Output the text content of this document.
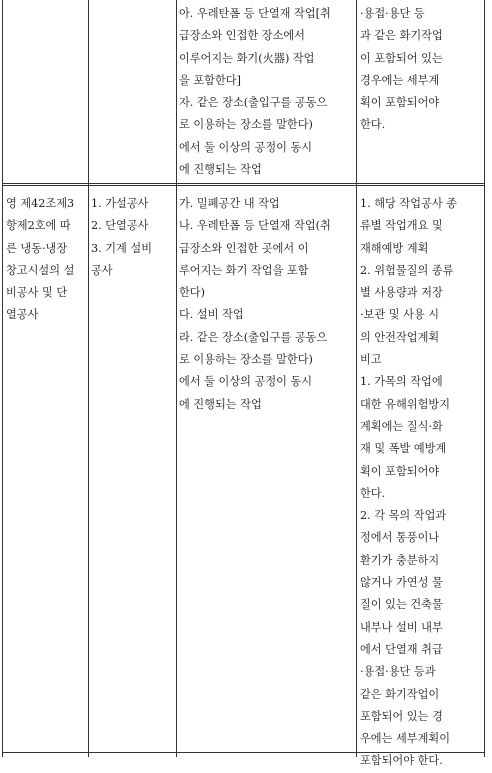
아. 우레탄폼 등 단열재 작업[취
급장소와 인접한 장소에서
이루어지는 화기(火器) 작업
을 포함한다]
자. 같은 장소(출입구를 공동으
로 이용하는 장소를 말한다)
에서 둘 이상의 공정이 동시
에 진행되는 작업
·용접·용단 등
과 같은 화기작업
이 포함되어 있는
경우에는 세부계
획이 포함되어야
한다.
영 제42조제3
항제2호에 따
른 냉동·냉장
창고시설의 설
비공사 및 단
열공사
1. 가설공사
2. 단열공사
3. 기계 설비
공사
가. 밀폐공간 내 작업
나. 우레탄폼 등 단열재 작업(취
급장소와 인접한 곳에서 이
루어지는 화기 작업을 포함
한다)
다. 설비 작업
라. 같은 장소(출입구를 공동으
로 이용하는 장소를 말한다)
에서 둘 이상의 공정이 동시
에 진행되는 작업
1. 해당 작업공사 종
류별 작업개요 및
재해예방 계획
2. 위험물질의 종류
별 사용량과 저장
·보관 및 사용 시
의 안전작업계획
비고
1. 가목의 작업에
대한 유해위험방지
계획에는 질식·화
재 및 폭발 예방계
획이 포함되어야
한다.
2. 각 목의 작업과
정에서 통풍이나
환기가 충분하지
않거나 가연성 물
질이 있는 건축물
내부나 설비 내부
에서 단열재 취급
·용접·용단 등과
같은 화기작업이
포함되어 있는 경
우에는 세부계획이
포함되어야 한다.
